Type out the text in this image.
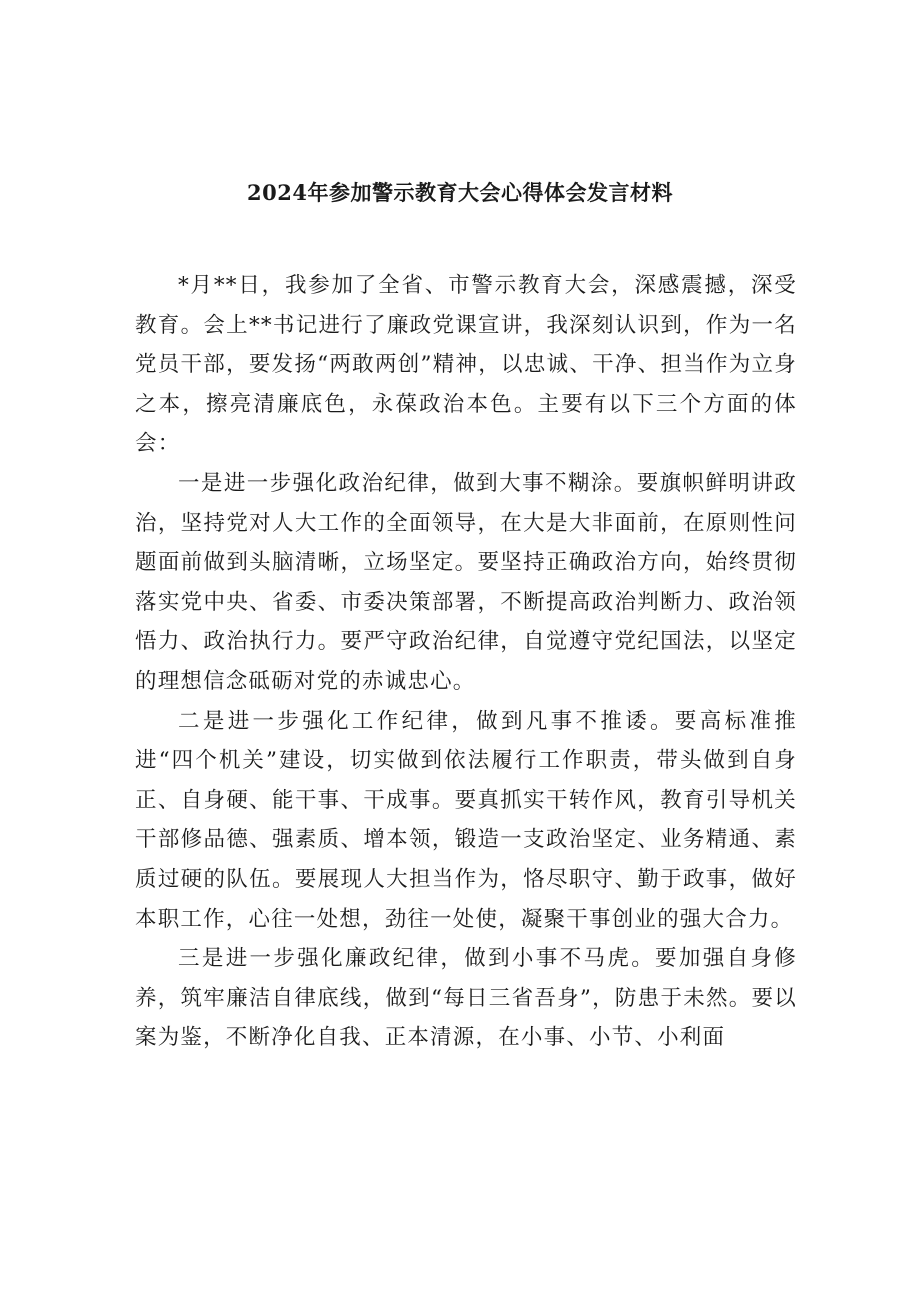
2024年参加警示教育大会心得体会发言材料

*月**日，我参加了全省、市警示教育大会，深感震撼，深受教育。会上**书记进行了廉政党课宣讲，我深刻认识到，作为一名党员干部，要发扬“两敢两创”精神，以忠诚、干净、担当作为立身之本，擦亮清廉底色，永葆政治本色。主要有以下三个方面的体会：

一是进一步强化政治纪律，做到大事不糊涂。要旗帜鲜明讲政治，坚持党对人大工作的全面领导，在大是大非面前，在原则性问题面前做到头脑清晰，立场坚定。要坚持正确政治方向，始终贯彻落实党中央、省委、市委决策部署，不断提高政治判断力、政治领悟力、政治执行力。要严守政治纪律，自觉遵守党纪国法，以坚定的理想信念砥砺对党的赤诚忠心。

二是进一步强化工作纪律，做到凡事不推诿。要高标准推进“四个机关”建设，切实做到依法履行工作职责，带头做到自身正、自身硬、能干事、干成事。要真抓实干转作风，教育引导机关干部修品德、强素质、增本领，锻造一支政治坚定、业务精通、素质过硬的队伍。要展现人大担当作为，恪尽职守、勤于政事，做好本职工作，心往一处想，劲往一处使，凝聚干事创业的强大合力。

三是进一步强化廉政纪律，做到小事不马虎。要加强自身修养，筑牢廉洁自律底线，做到“每日三省吾身”，防患于未然。要以案为鉴，不断净化自我、正本清源，在小事、小节、小利面
